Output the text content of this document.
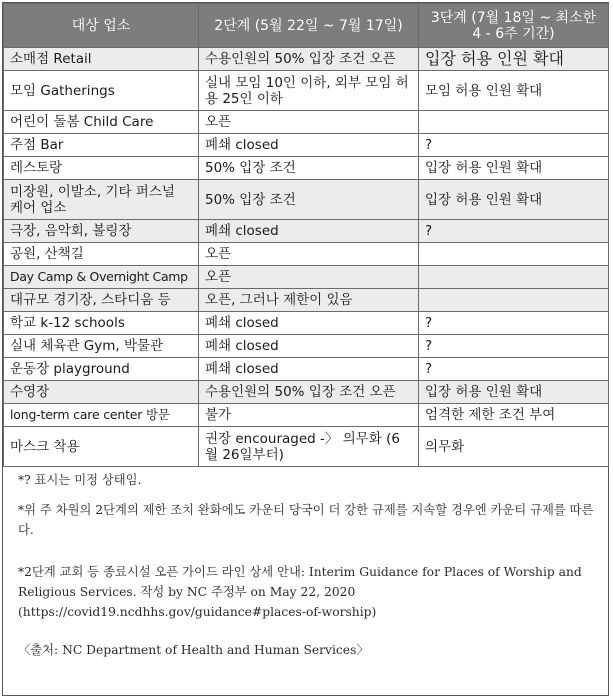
대상 업소	2단계 (5월 22일 ~ 7월 17일)	3단계 (7월 18일 ~ 최소한 4 - 6주 기간)
소매점 Retail	수용인원의 50% 입장 조건 오픈	입장 허용 인원 확대
모임 Gatherings	실내 모임 10인 이하, 외부 모임 허용 25인 이하	모임 허용 인원 확대
어린이 돌봄 Child Care	오픈	
주점 Bar	폐쇄 closed	?
레스토랑	50% 입장 조건	입장 허용 인원 확대
미장원, 이발소, 기타 퍼스널 케어 업소	50% 입장 조건	입장 허용 인원 확대
극장, 음악회, 볼링장	폐쇄 closed	?
공원, 산책길	오픈	
Day Camp & Overnight Camp	오픈	
대규모 경기장, 스타디움 등	오픈, 그러나 제한이 있음	
학교 k-12 schools	폐쇄 closed	?
실내 체육관 Gym, 박물관	폐쇄 closed	?
운동장 playground	폐쇄 closed	?
수영장	수용인원의 50% 입장 조건 오픈	입장 허용 인원 확대
long-term care center 방문	불가	엄격한 제한 조건 부여
마스크 착용	권장 encouraged -〉 의무화 (6월 26일부터)	의무화

*? 표시는 미정 상태임.

*위 주 차원의 2단계의 제한 조치 완화에도 카운티 당국이 더 강한 규제를 지속할 경우엔 카운티 규제를 따른다.

*2단계 교회 등 종료시설 오픈 가이드 라인 상세 안내: Interim Guidance for Places of Worship and Religious Services. 작성 by NC 주정부 on May 22, 2020 (https://covid19.ncdhhs.gov/guidance#places-of-worship)

〈출처: NC Department of Health and Human Services〉
